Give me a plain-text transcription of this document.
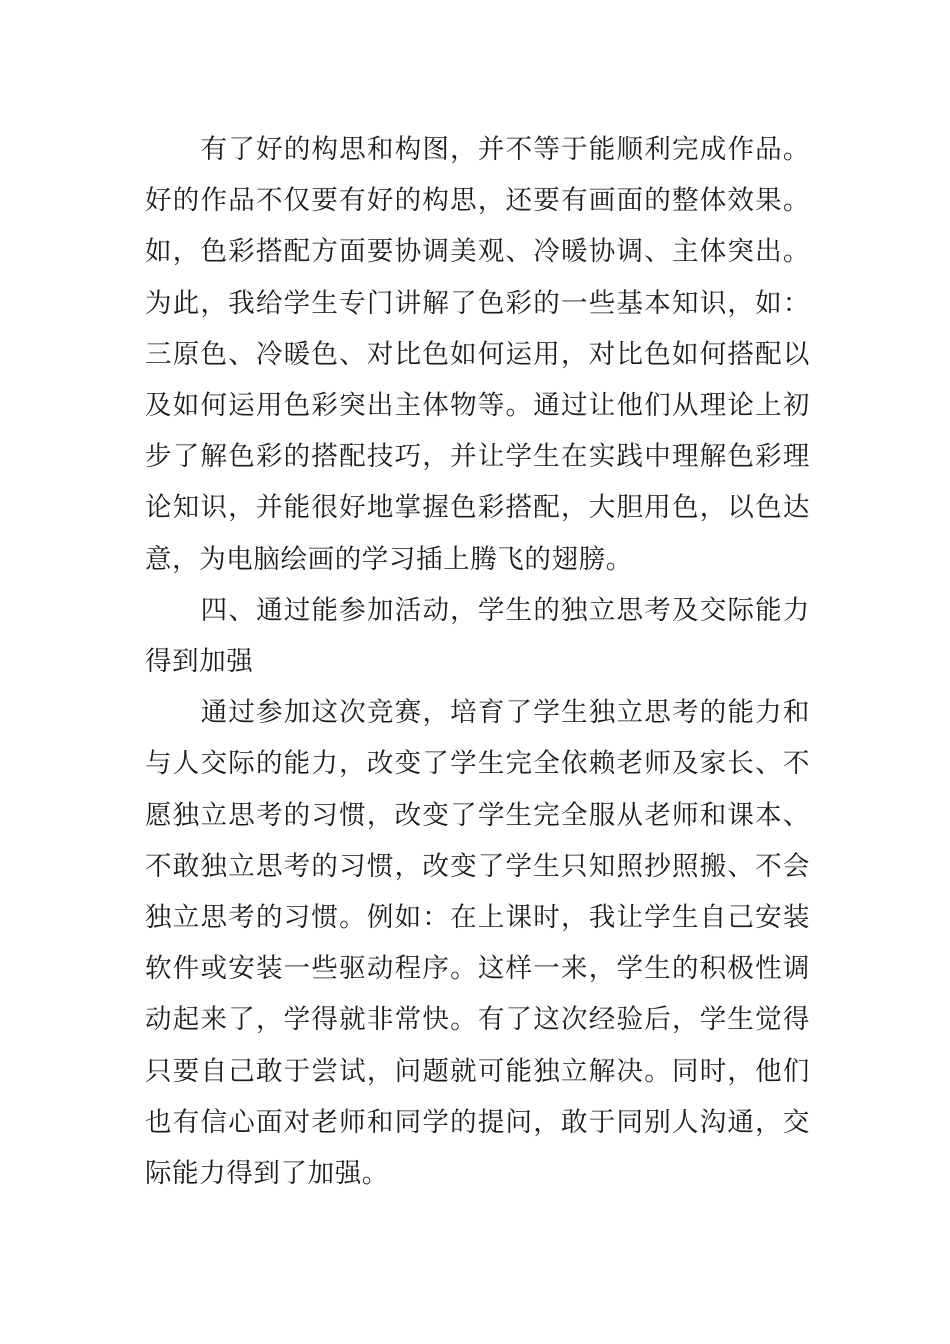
有了好的构思和构图，并不等于能顺利完成作品。好的作品不仅要有好的构思，还要有画面的整体效果。如，色彩搭配方面要协调美观、冷暖协调、主体突出。为此，我给学生专门讲解了色彩的一些基本知识，如：三原色、冷暖色、对比色如何运用，对比色如何搭配以及如何运用色彩突出主体物等。通过让他们从理论上初步了解色彩的搭配技巧，并让学生在实践中理解色彩理论知识，并能很好地掌握色彩搭配，大胆用色，以色达意，为电脑绘画的学习插上腾飞的翅膀。

四、通过能参加活动，学生的独立思考及交际能力得到加强

通过参加这次竞赛，培育了学生独立思考的能力和与人交际的能力，改变了学生完全依赖老师及家长、不愿独立思考的习惯，改变了学生完全服从老师和课本、不敢独立思考的习惯，改变了学生只知照抄照搬、不会独立思考的习惯。例如：在上课时，我让学生自己安装软件或安装一些驱动程序。这样一来，学生的积极性调动起来了，学得就非常快。有了这次经验后，学生觉得只要自己敢于尝试，问题就可能独立解决。同时，他们也有信心面对老师和同学的提问，敢于同别人沟通，交际能力得到了加强。
